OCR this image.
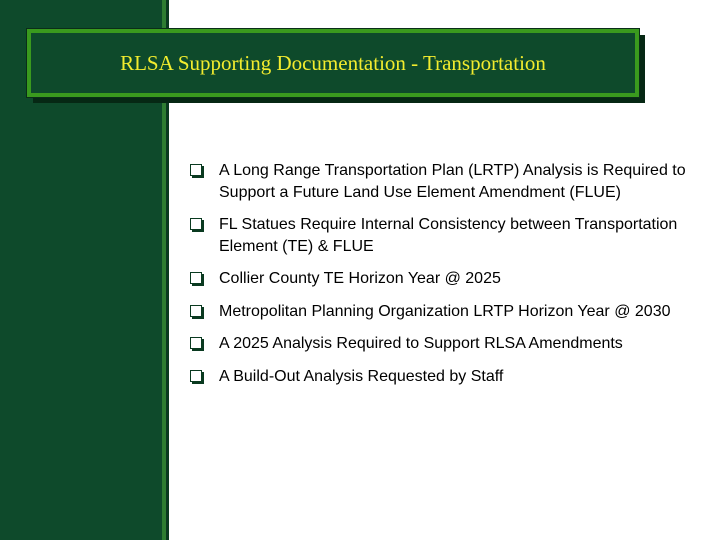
RLSA Supporting Documentation - Transportation
A Long Range Transportation Plan (LRTP) Analysis is Required to Support a Future Land Use Element Amendment (FLUE)
FL Statues Require Internal Consistency between Transportation Element (TE) & FLUE
Collier County TE Horizon Year @ 2025
Metropolitan Planning Organization LRTP Horizon Year @ 2030
A 2025 Analysis Required to Support RLSA Amendments
A Build-Out Analysis Requested by Staff
